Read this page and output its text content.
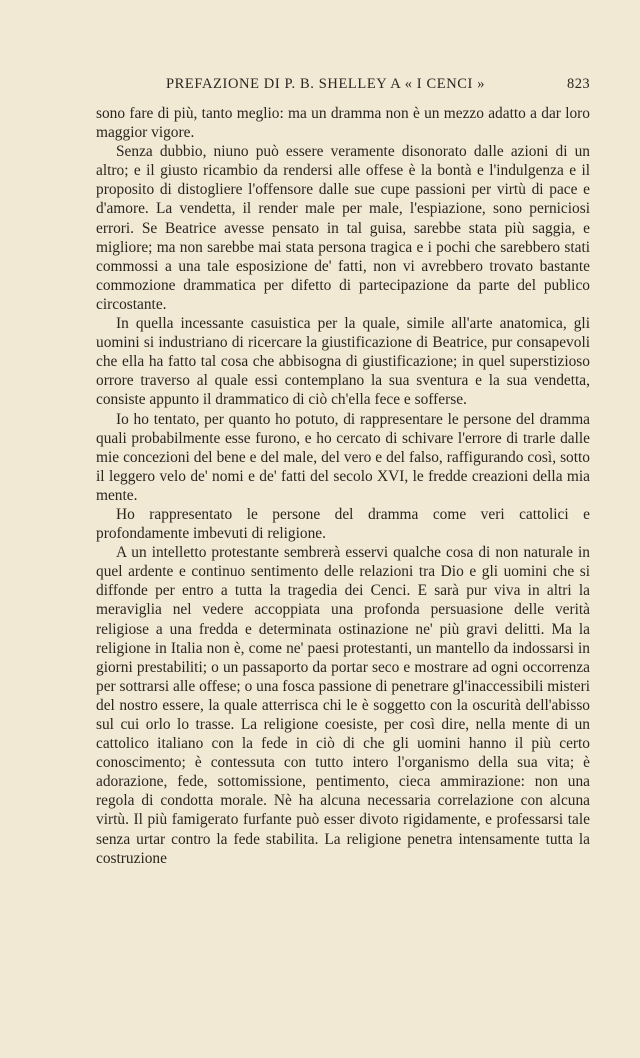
PREFAZIONE DI P. B. SHELLEY A « I CENCI »	823

sono fare di più, tanto meglio: ma un dramma non è un mezzo adatto a dar loro maggior vigore.

Senza dubbio, niuno può essere veramente disonorato dalle azioni di un altro; e il giusto ricambio da rendersi alle offese è la bontà e l'indulgenza e il proposito di distogliere l'offensore dalle sue cupe passioni per virtù di pace e d'amore. La vendetta, il render male per male, l'espiazione, sono perniciosi errori. Se Beatrice avesse pensato in tal guisa, sarebbe stata più saggia, e migliore; ma non sarebbe mai stata persona tragica e i pochi che sarebbero stati commossi a una tale esposizione de' fatti, non vi avrebbero trovato bastante commozione drammatica per difetto di partecipazione da parte del publico circostante.

In quella incessante casuistica per la quale, simile all'arte anatomica, gli uomini si industriano di ricercare la giustificazione di Beatrice, pur consapevoli che ella ha fatto tal cosa che abbisogna di giustificazione; in quel superstizioso orrore traverso al quale essi contemplano la sua sventura e la sua vendetta, consiste appunto il drammatico di ciò ch'ella fece e sofferse.

Io ho tentato, per quanto ho potuto, di rappresentare le persone del dramma quali probabilmente esse furono, e ho cercato di schivare l'errore di trarle dalle mie concezioni del bene e del male, del vero e del falso, raffigurando così, sotto il leggero velo de' nomi e de' fatti del secolo XVI, le fredde creazioni della mia mente.

Ho rappresentato le persone del dramma come veri cattolici e profondamente imbevuti di religione.

A un intelletto protestante sembrerà esservi qualche cosa di non naturale in quel ardente e continuo sentimento delle relazioni tra Dio e gli uomini che si diffonde per entro a tutta la tragedia dei Cenci. E sarà pur viva in altri la meraviglia nel vedere accoppiata una profonda persuasione delle verità religiose a una fredda e determinata ostinazione ne' più gravi delitti. Ma la religione in Italia non è, come ne' paesi protestanti, un mantello da indossarsi in giorni prestabiliti; o un passaporto da portar seco e mostrare ad ogni occorrenza per sottrarsi alle offese; o una fosca passione di penetrare gl'inaccessibili misteri del nostro essere, la quale atterrisca chi le è soggetto con la oscurità dell'abisso sul cui orlo lo trasse. La religione coesiste, per così dire, nella mente di un cattolico italiano con la fede in ciò di che gli uomini hanno il più certo conoscimento; è contessuta con tutto intero l'organismo della sua vita; è adorazione, fede, sottomissione, pentimento, cieca ammirazione: non una regola di condotta morale. Nè ha alcuna necessaria correlazione con alcuna virtù. Il più famigerato furfante può esser divoto rigidamente, e professarsi tale senza urtar contro la fede stabilita. La religione penetra intensamente tutta la costruzione
